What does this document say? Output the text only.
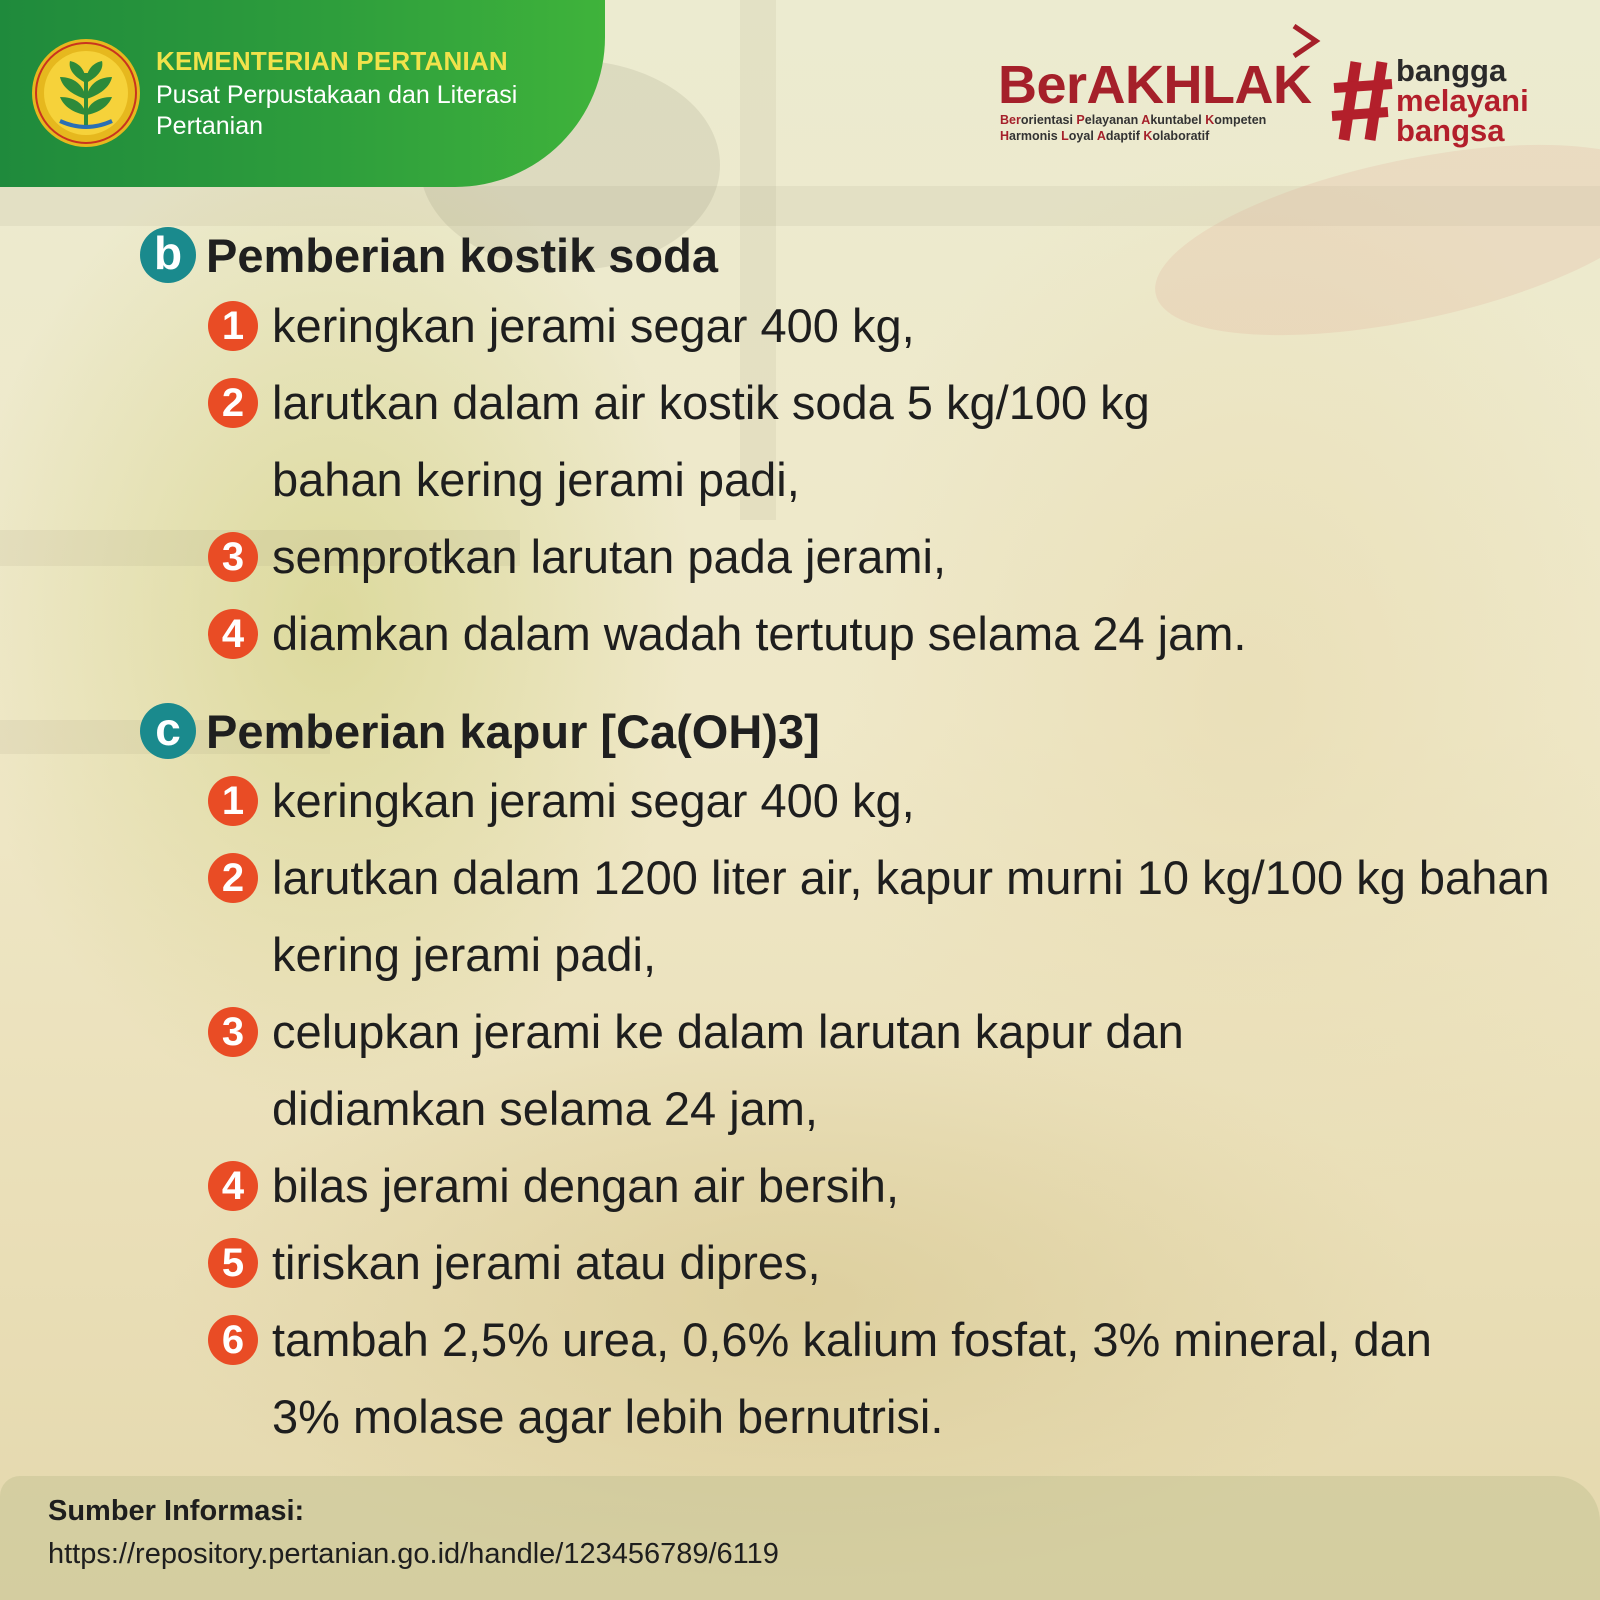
KEMENTERIAN PERTANIAN
Pusat Perpustakaan dan Literasi Pertanian
BerAKHLAK
Berorientasi Pelayanan Akuntabel Kompeten
Harmonis Loyal Adaptif Kolaboratif
bangga
melayani
bangsa
b Pemberian kostik soda
1 keringkan jerami segar 400 kg,
2 larutkan dalam air kostik soda 5 kg/100 kg bahan kering jerami padi,
3 semprotkan larutan pada jerami,
4 diamkan dalam wadah tertutup selama 24 jam.
c Pemberian kapur [Ca(OH)3]
1 keringkan jerami segar 400 kg,
2 larutkan dalam 1200 liter air, kapur murni 10 kg/100 kg bahan kering jerami padi,
3 celupkan jerami ke dalam larutan kapur dan didiamkan selama 24 jam,
4 bilas jerami dengan air bersih,
5 tiriskan jerami atau dipres,
6 tambah 2,5% urea, 0,6% kalium fosfat, 3% mineral, dan 3% molase agar lebih bernutrisi.
Sumber Informasi:
https://repository.pertanian.go.id/handle/123456789/6119
